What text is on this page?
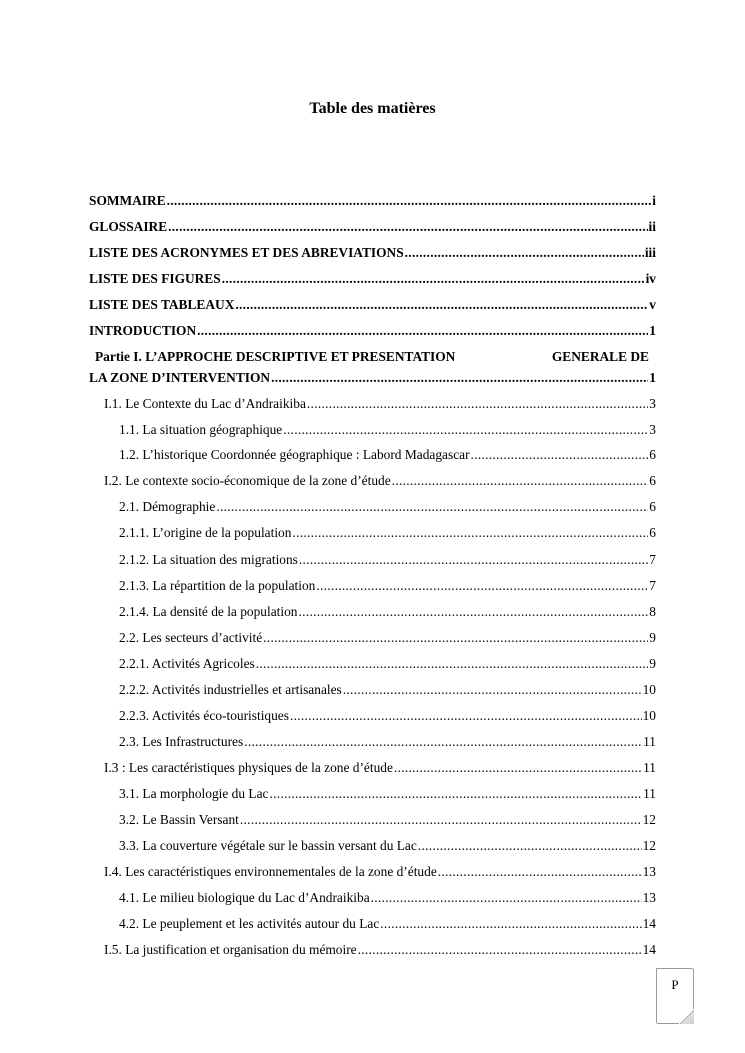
Table des matières
SOMMAIRE .....	i
GLOSSAIRE .....	ii
LISTE DES ACRONYMES ET DES ABREVIATIONS .....	iii
LISTE DES FIGURES .....	iv
LISTE DES TABLEAUX .....	v
INTRODUCTION .....	1
Partie I. L’APPROCHE DESCRIPTIVE ET PRESENTATION	GENERALE DE
LA ZONE D’INTERVENTION .....	1
I.1. Le Contexte du Lac d’Andraikiba .....	3
1.1. La situation géographique .....	3
1.2. L’historique Coordonnée géographique : Labord Madagascar .....	6
I.2. Le contexte socio-économique de la zone d’étude .....	6
2.1. Démographie .....	6
2.1.1. L’origine de la population .....	6
2.1.2. La situation des migrations .....	7
2.1.3. La répartition de la population .....	7
2.1.4. La densité de la population .....	8
2.2. Les secteurs d’activité .....	9
2.2.1. Activités Agricoles .....	9
2.2.2. Activités industrielles et artisanales .....	10
2.2.3. Activités éco-touristiques .....	10
2.3. Les Infrastructures .....	11
I.3 : Les caractéristiques physiques de la zone d’étude .....	11
3.1. La morphologie du Lac .....	11
3.2. Le Bassin Versant .....	12
3.3. La couverture végétale sur le bassin versant du Lac .....	12
I.4. Les caractéristiques environnementales de la zone d’étude .....	13
4.1. Le milieu biologique du Lac d’Andraikiba .....	13
4.2. Le peuplement et les activités autour du Lac .....	14
I.5. La justification et organisation du mémoire .....	14
P
